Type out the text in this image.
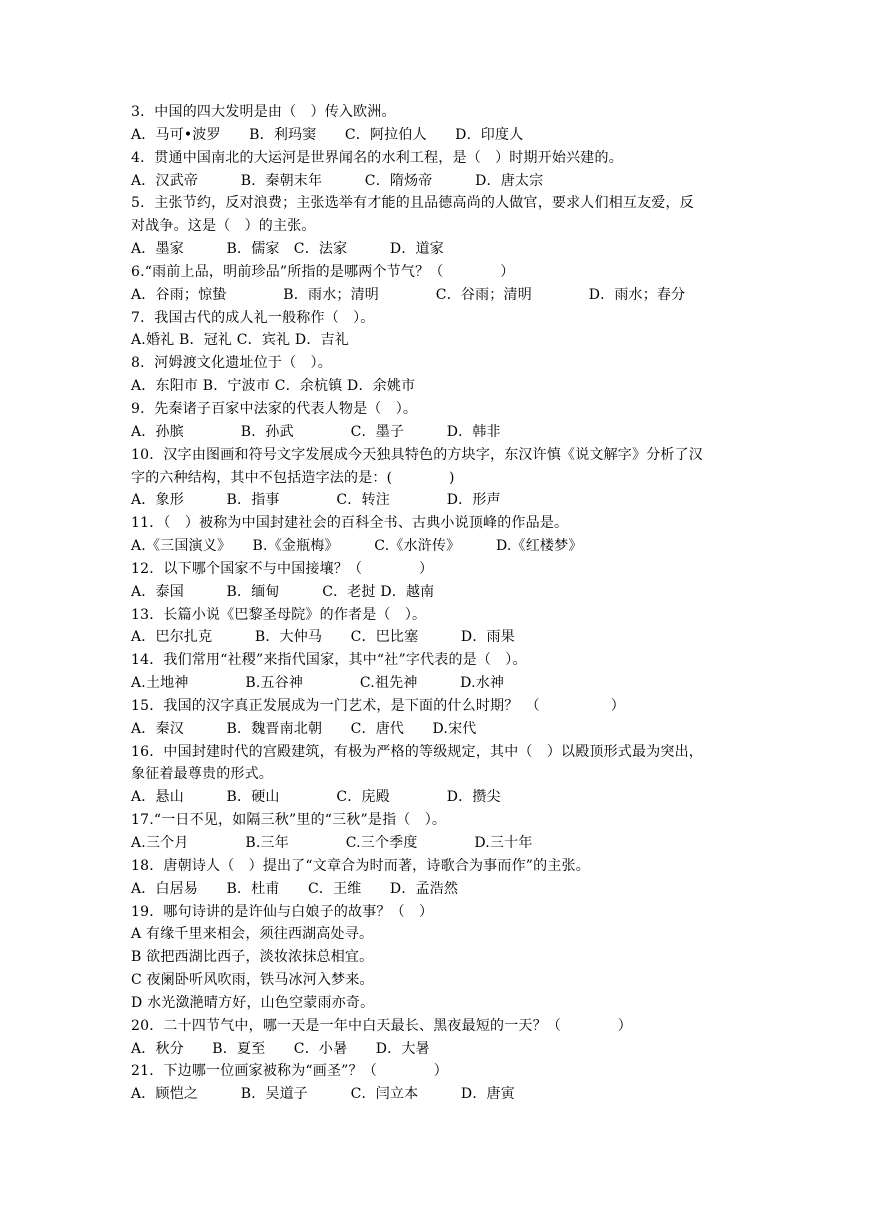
3．中国的四大发明是由（　）传入欧洲。
A．马可•波罗　　B．利玛窦　　C．阿拉伯人　　D．印度人
4．贯通中国南北的大运河是世界闻名的水利工程，是（　）时期开始兴建的。
A．汉武帝　　　B．秦朝末年　　　C．隋炀帝　　　D．唐太宗
5．主张节约，反对浪费；主张选举有才能的且品德高尚的人做官，要求人们相互友爱，反
对战争。这是（　）的主张。
A．墨家　　　B．儒家　C．法家　　　D．道家
6.“雨前上品，明前珍品”所指的是哪两个节气？（　　　　）
A．谷雨；惊蛰　　　　B．雨水；清明　　　　C．谷雨；清明　　　　D．雨水；春分
7．我国古代的成人礼一般称作（　）。
A.婚礼 B．冠礼 C．宾礼 D．吉礼
8．河姆渡文化遗址位于（　）。
A．东阳市 B．宁波市 C．余杭镇 D．余姚市
9．先秦诸子百家中法家的代表人物是（　）。
A．孙膑　　　　B．孙武　　　　C．墨子　　　D．韩非
10．汉字由图画和符号文字发展成今天独具特色的方块字，东汉许慎《说文解字》分析了汉
字的六种结构，其中不包括造字法的是：(　　　　)
A．象形　　　B．指事　　　　C．转注　　　　D．形声
11．（　）被称为中国封建社会的百科全书、古典小说顶峰的作品是。
A.《三国演义》　　B.《金瓶梅》　　　C.《水浒传》　　　D.《红楼梦》
12．以下哪个国家不与中国接壤？（　　　　）
A．泰国　　　B．缅甸　　　C．老挝 D．越南
13．长篇小说《巴黎圣母院》的作者是（　）。
A．巴尔扎克　　　B．大仲马　　C．巴比塞　　　D．雨果
14．我们常用“社稷”来指代国家，其中“社”字代表的是（　）。
A.土地神　　　　B.五谷神　　　　C.祖先神　　　D.水神
15．我国的汉字真正发展成为一门艺术，是下面的什么时期？　（　　　　　）
A．秦汉　　　B．魏晋南北朝　　C．唐代　　D.宋代
16．中国封建时代的宫殿建筑，有极为严格的等级规定，其中（　）以殿顶形式最为突出，
象征着最尊贵的形式。
A．悬山　　　B．硬山　　　　C．庑殿　　　　D．攒尖
17.“一日不见，如隔三秋”里的“三秋”是指（　）。
A.三个月　　　　B.三年　　　　C.三个季度　　　　D.三十年
18．唐朝诗人（　）提出了“文章合为时而著，诗歌合为事而作”的主张。
A．白居易　　B．杜甫　　C．王维　　D．孟浩然
19．哪句诗讲的是许仙与白娘子的故事？（　）
A 有缘千里来相会，须往西湖高处寻。
B 欲把西湖比西子，淡妆浓抹总相宜。
C 夜阑卧听风吹雨，铁马冰河入梦来。
D 水光潋滟晴方好，山色空蒙雨亦奇。
20．二十四节气中，哪一天是一年中白天最长、黑夜最短的一天？（　　　　）
A．秋分　　B．夏至　　C．小暑　　D．大暑
21．下边哪一位画家被称为“画圣”？（　　　　）
A．顾恺之　　　B．吴道子　　　C．闫立本　　　D．唐寅
